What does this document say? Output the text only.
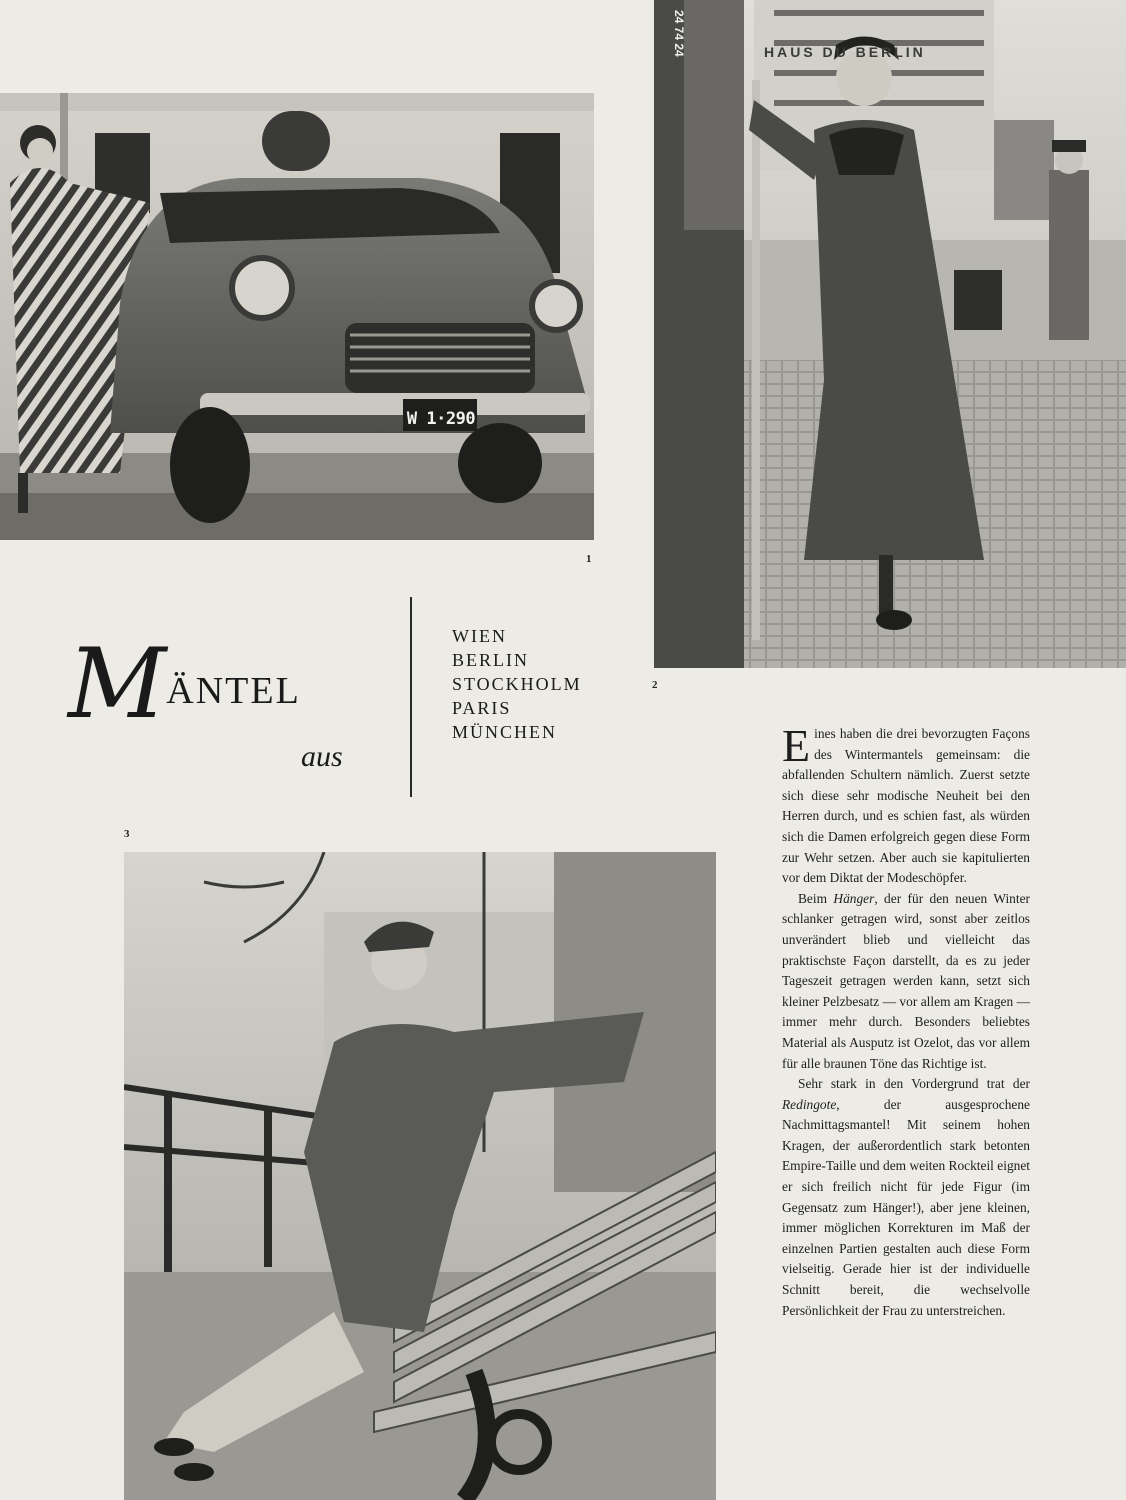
W 1·290
1
24 74 24	HAUS DU BERLIN
2
MÄNTEL
aus
WIEN
BERLIN
STOCKHOLM
PARIS
MÜNCHEN
3

Eines haben die drei bevorzugten Façons des Wintermantels gemeinsam: die abfallenden Schultern nämlich. Zuerst setzte sich diese sehr modische Neuheit bei den Herren durch, und es schien fast, als würden sich die Damen erfolgreich gegen diese Form zur Wehr setzen. Aber auch sie kapitulierten vor dem Diktat der Modeschöpfer.

Beim Hänger, der für den neuen Winter schlanker getragen wird, sonst aber zeitlos unverändert blieb und vielleicht das praktischste Façon darstellt, da es zu jeder Tageszeit getragen werden kann, setzt sich kleiner Pelzbesatz — vor allem am Kragen — immer mehr durch. Besonders beliebtes Material als Ausputz ist Ozelot, das vor allem für alle braunen Töne das Richtige ist.

Sehr stark in den Vordergrund trat der Redingote, der ausgesprochene Nachmittagsmantel! Mit seinem hohen Kragen, der außerordentlich stark betonten Empire-Taille und dem weiten Rockteil eignet er sich freilich nicht für jede Figur (im Gegensatz zum Hänger!), aber jene kleinen, immer möglichen Korrekturen im Maß der einzelnen Partien gestalten auch diese Form vielseitig. Gerade hier ist der individuelle Schnitt bereit, die wechselvolle Persönlichkeit der Frau zu unterstreichen.
